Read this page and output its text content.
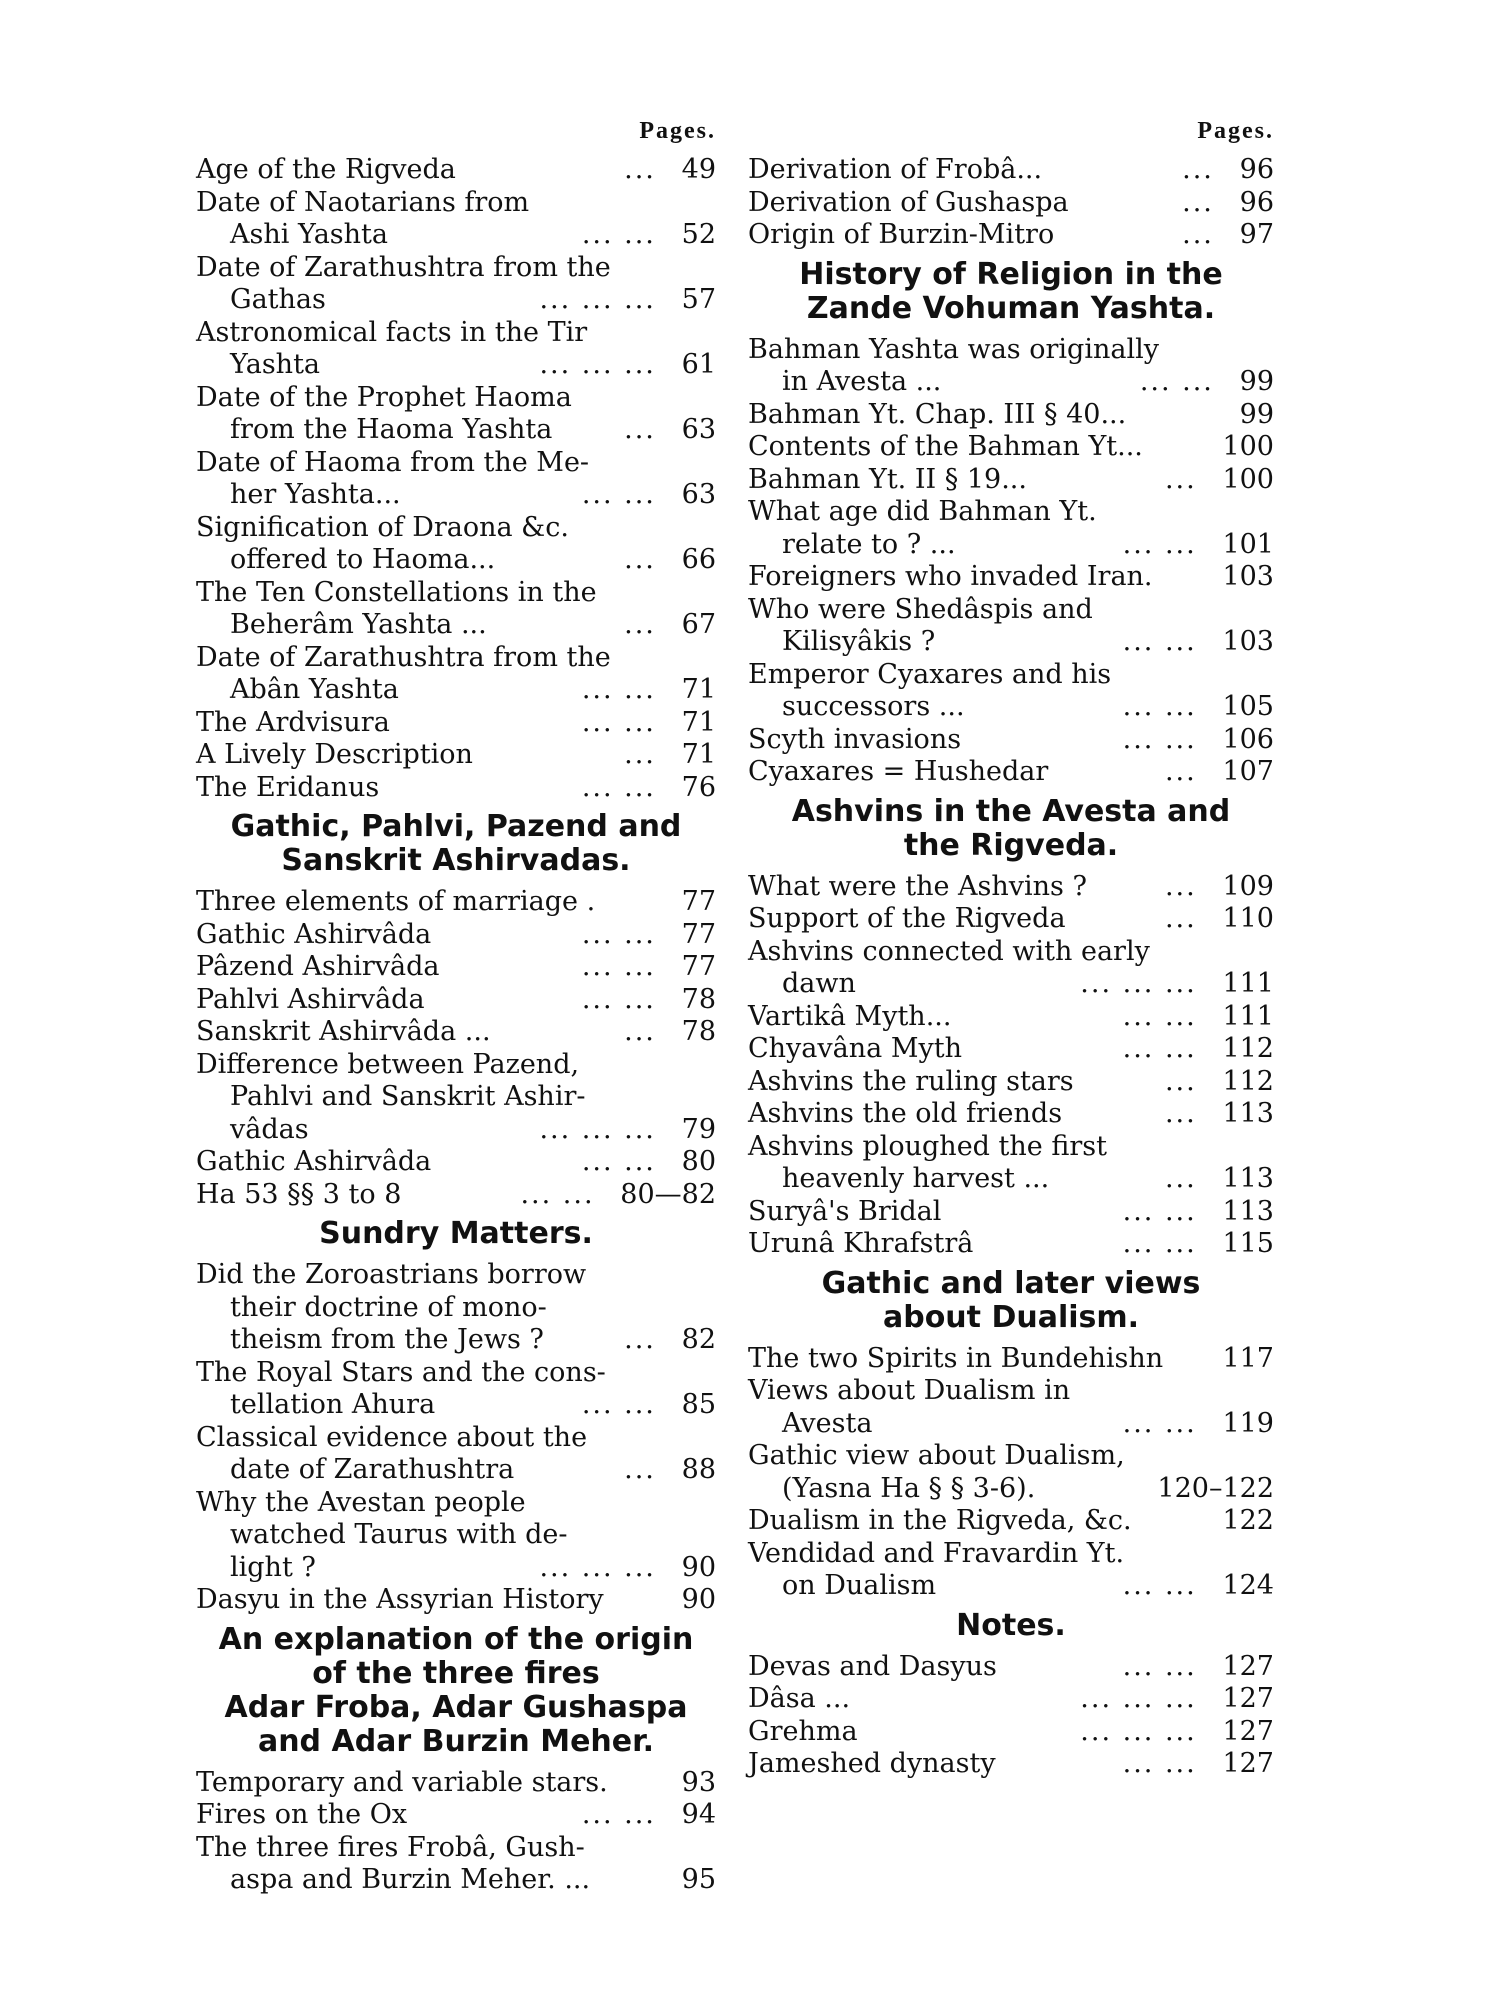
Pages.
Age of the Rigveda	... 49
Date of Naotarians from
Ashi Yashta	... ... 52
Date of Zarathushtra from the
Gathas	... ... ... 57
Astronomical facts in the Tir
Yashta	... ... ... 61
Date of the Prophet Haoma
from the Haoma Yashta	... 63
Date of Haoma from the Me-
her Yashta...	... ... 63
Signification of Draona &c.
offered to Haoma...	... 66
The Ten Constellations in the
Beherâm Yashta ...	... 67
Date of Zarathushtra from the
Abân Yashta	... ... 71
The Ardvisura	... ... 71
A Lively Description	... 71
The Eridanus	... ... 76
Gathic, Pahlvi, Pazend and
Sanskrit Ashirvadas.
Three elements of marriage .	77
Gathic Ashirvâda	... ... 77
Pâzend Ashirvâda	... ... 77
Pahlvi Ashirvâda	... ... 78
Sanskrit Ashirvâda ...	... 78
Difference between Pazend,
Pahlvi and Sanskrit Ashir-
vâdas	... ... ... 79
Gathic Ashirvâda	... ... 80
Ha 53 §§ 3 to 8	... ... 80—82
Sundry Matters.
Did the Zoroastrians borrow
their doctrine of mono-
theism from the Jews ?	... 82
The Royal Stars and the cons-
tellation Ahura	... ... 85
Classical evidence about the
date of Zarathushtra	... 88
Why the Avestan people
watched Taurus with de-
light ?	... ... ... 90
Dasyu in the Assyrian History	90
An explanation of the origin
of the three fires
Adar Froba, Adar Gushaspa
and Adar Burzin Meher.
Temporary and variable stars.	93
Fires on the Ox	... ... 94
The three fires Frobâ, Gush-
aspa and Burzin Meher. ...	95
Pages.
Derivation of Frobâ...	... 96
Derivation of Gushaspa	... 96
Origin of Burzin-Mitro	... 97
History of Religion in the
Zande Vohuman Yashta.
Bahman Yashta was originally
in Avesta ...	... ... 99
Bahman Yt. Chap. III § 40...	99
Contents of the Bahman Yt...	100
Bahman Yt. II § 19...	... 100
What age did Bahman Yt.
relate to ? ...	... ... 101
Foreigners who invaded Iran.	103
Who were Shedâspis and
Kilisyâkis ?	... ... 103
Emperor Cyaxares and his
successors ...	... ... 105
Scyth invasions	... ... 106
Cyaxares = Hushedar	... 107
Ashvins in the Avesta and
the Rigveda.
What were the Ashvins ?	... 109
Support of the Rigveda	... 110
Ashvins connected with early
dawn	... ... ... 111
Vartikâ Myth...	... ... 111
Chyavâna Myth	... ... 112
Ashvins the ruling stars	... 112
Ashvins the old friends	... 113
Ashvins ploughed the first
heavenly harvest ...	... 113
Suryâ's Bridal	... ... 113
Urunâ Khrafstrâ	... ... 115
Gathic and later views
about Dualism.
The two Spirits in Bundehishn	117
Views about Dualism in
Avesta	... ... 119
Gathic view about Dualism,
(Yasna Ha § § 3-6).	120–122
Dualism in the Rigveda, &c.	122
Vendidad and Fravardin Yt.
on Dualism	... ... 124
Notes.
Devas and Dasyus	... ... 127
Dâsa ...	... ... ... 127
Grehma	... ... ... 127
Jameshed dynasty	... ... 127
